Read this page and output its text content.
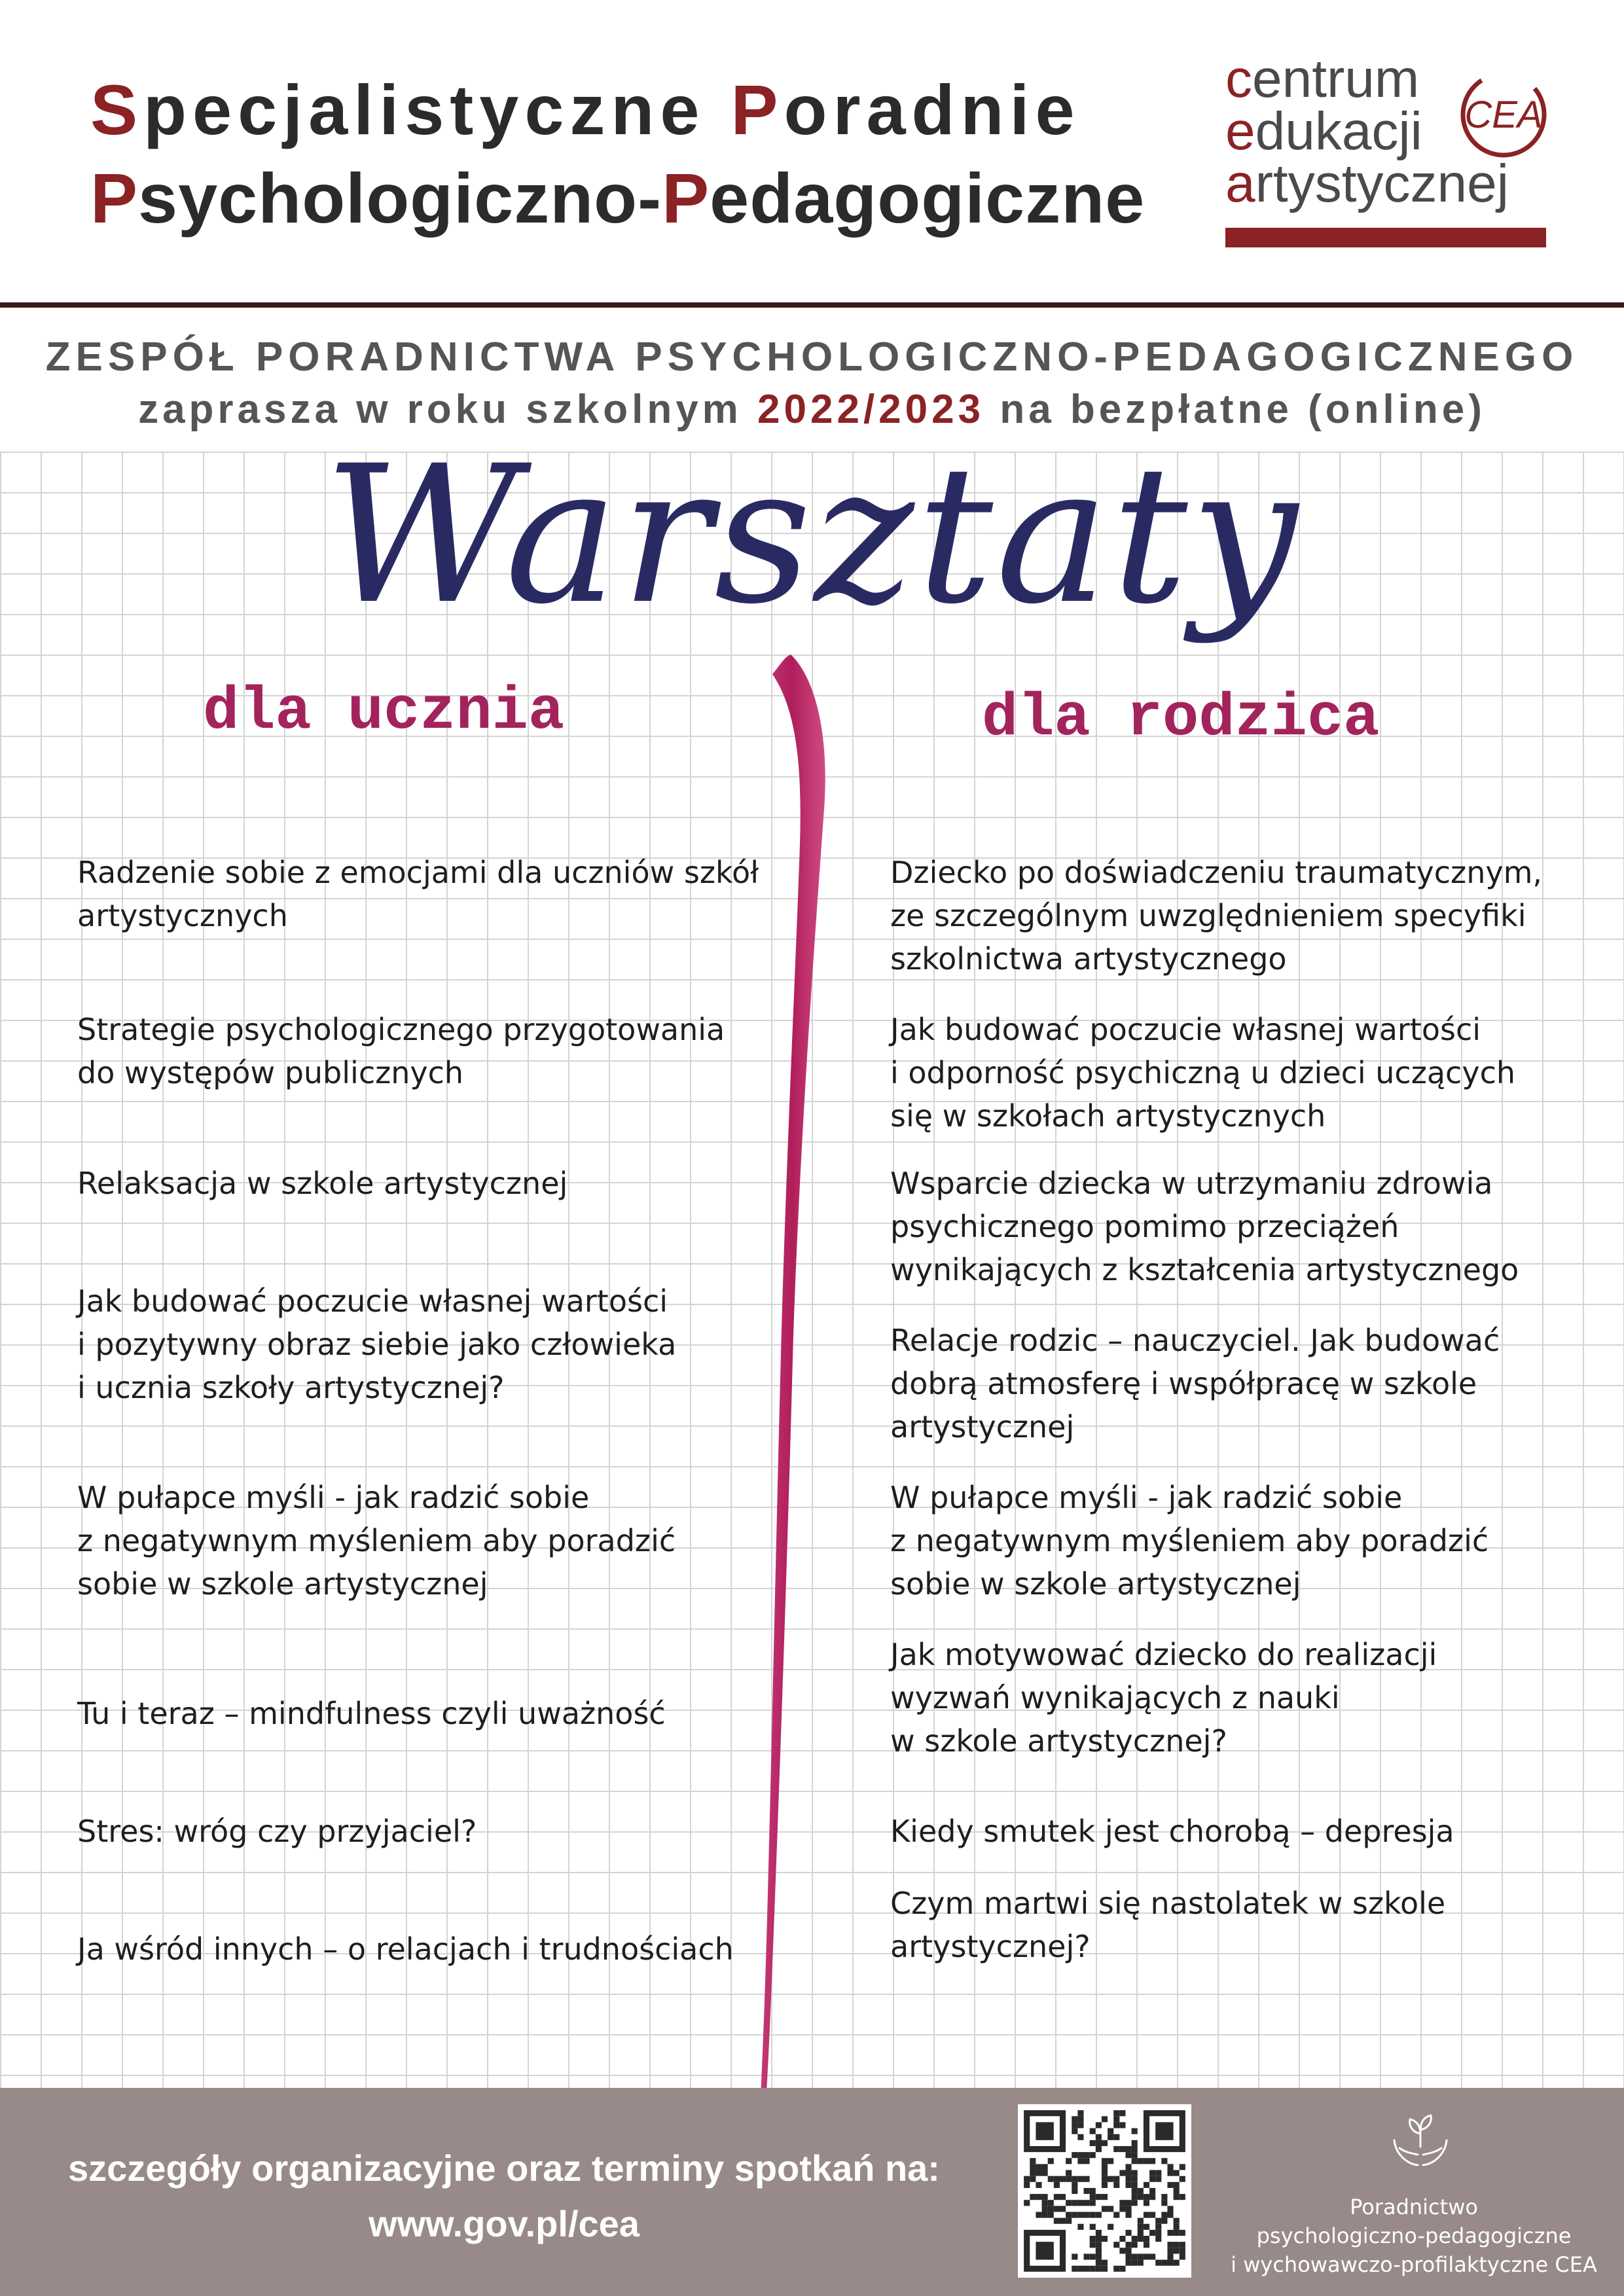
Specjalistyczne Poradnie
Psychologiczno-Pedagogiczne
centrum
edukacji
artystycznej
CEA
ZESPÓŁ PORADNICTWA PSYCHOLOGICZNO-PEDAGOGICZNEGO
zaprasza w roku szkolnym 2022/2023 na bezpłatne (online)
Warsztaty
dla ucznia	dla rodzica
Radzenie sobie z emocjami dla uczniów szkół
artystycznych
Strategie psychologicznego przygotowania
do występów publicznych
Relaksacja w szkole artystycznej
Jak budować poczucie własnej wartości
i pozytywny obraz siebie jako człowieka
i ucznia szkoły artystycznej?
W pułapce myśli - jak radzić sobie
z negatywnym myśleniem aby poradzić
sobie w szkole artystycznej
Tu i teraz – mindfulness czyli uważność
Stres: wróg czy przyjaciel?
Ja wśród innych – o relacjach i trudnościach
Dziecko po doświadczeniu traumatycznym,
ze szczególnym uwzględnieniem specyfiki
szkolnictwa artystycznego
Jak budować poczucie własnej wartości
i odporność psychiczną u dzieci uczących
się w szkołach artystycznych
Wsparcie dziecka w utrzymaniu zdrowia
psychicznego pomimo przeciążeń
wynikających z kształcenia artystycznego
Relacje rodzic – nauczyciel. Jak budować
dobrą atmosferę i współpracę w szkole
artystycznej
W pułapce myśli - jak radzić sobie
z negatywnym myśleniem aby poradzić
sobie w szkole artystycznej
Jak motywować dziecko do realizacji
wyzwań wynikających z nauki
w szkole artystycznej?
Kiedy smutek jest chorobą – depresja
Czym martwi się nastolatek w szkole
artystycznej?
szczegóły organizacyjne oraz terminy spotkań na:
www.gov.pl/cea	Poradnictwo
psychologiczno-pedagogiczne
i wychowawczo-profilaktyczne CEA
